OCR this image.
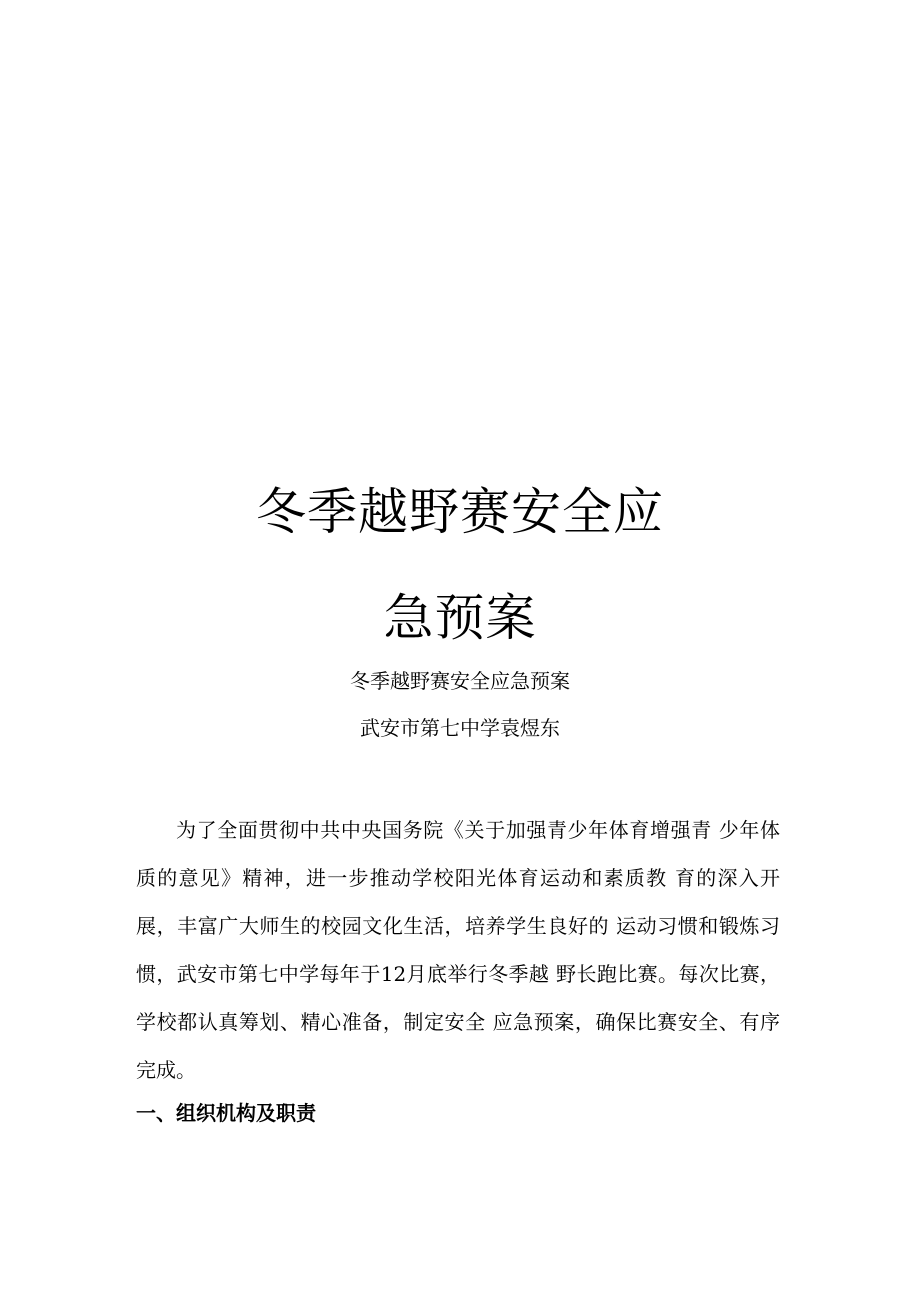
冬季越野赛安全应
急预案

冬季越野赛安全应急预案

武安市第七中学袁煜东

为了全面贯彻中共中央国务院《关于加强青少年体育增强青 少年体质的意见》精神，进一步推动学校阳光体育运动和素质教 育的深入开展，丰富广大师生的校园文化生活，培养学生良好的 运动习惯和锻炼习惯，武安市第七中学每年于12月底举行冬季越 野长跑比赛。每次比赛，学校都认真筹划、精心准备，制定安全 应急预案，确保比赛安全、有序完成。

一、组织机构及职责
